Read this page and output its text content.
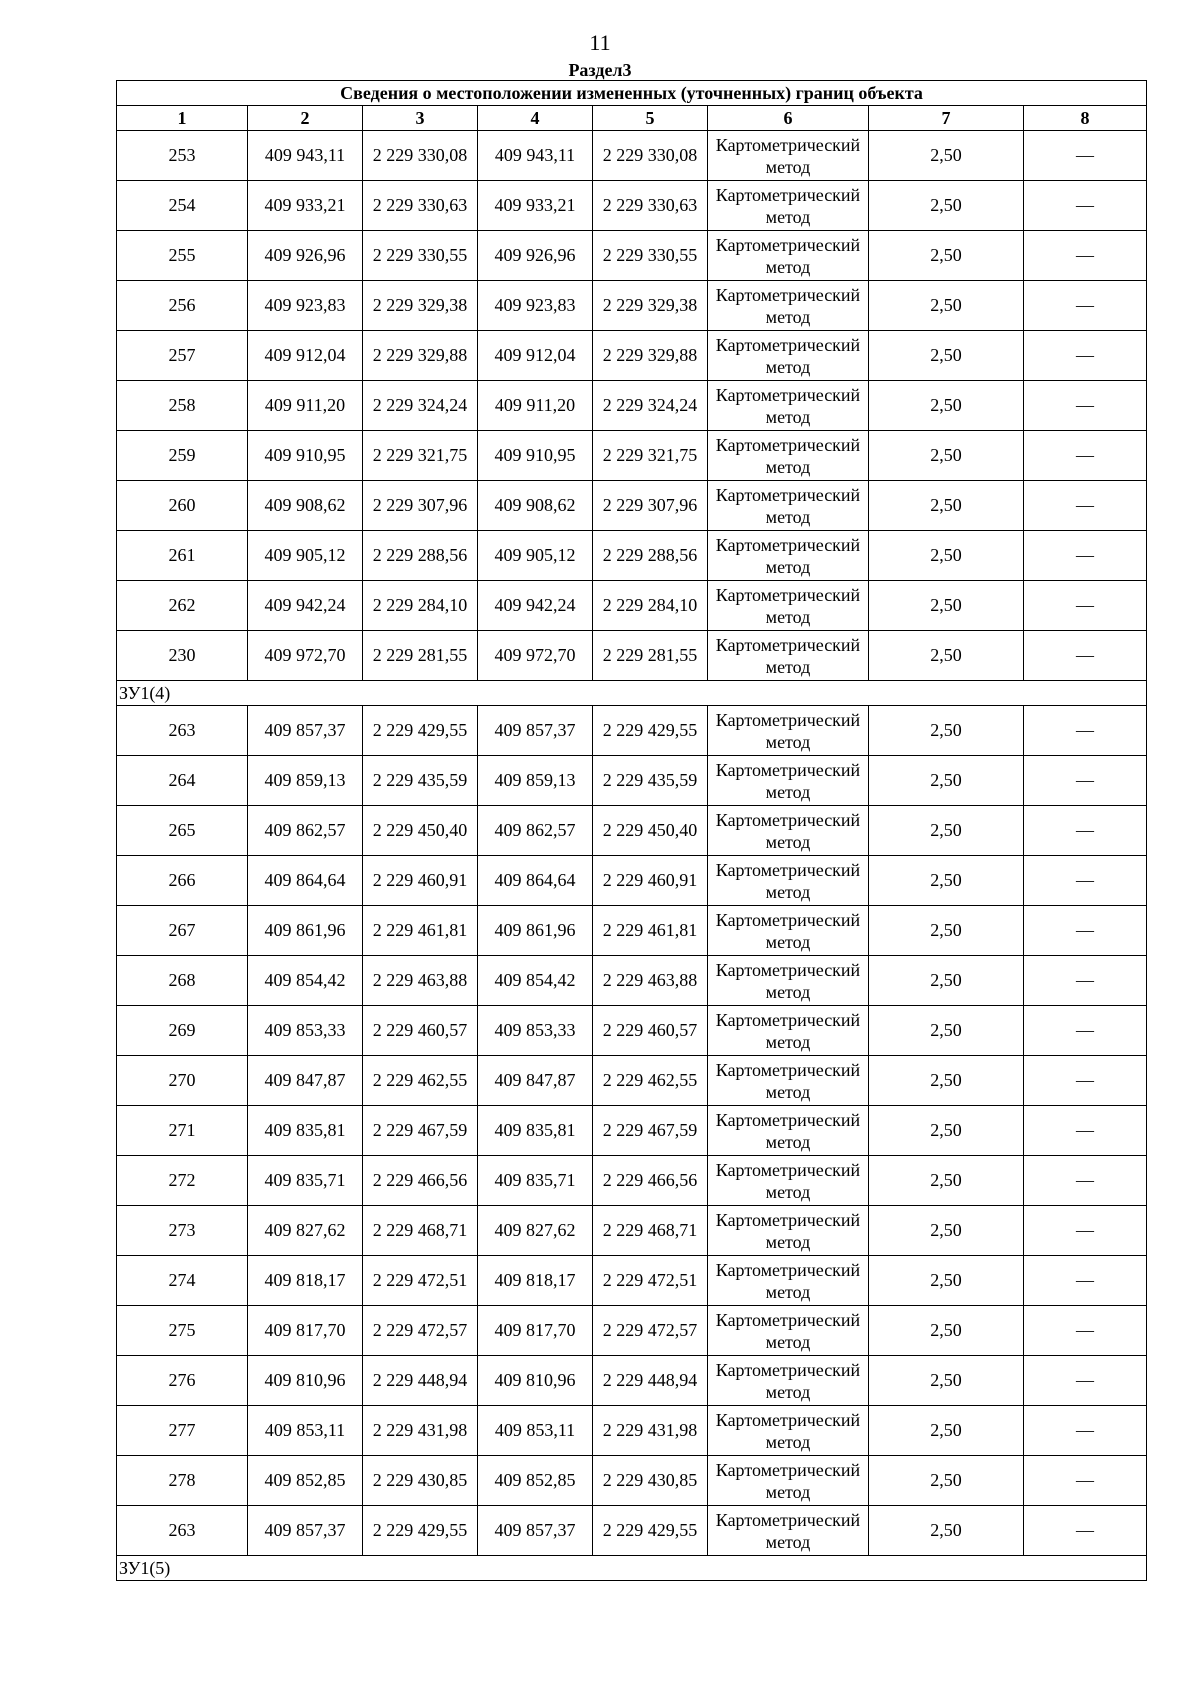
11
Раздел3
Сведения о местоположении измененных (уточненных) границ объекта							
1	2	3	4	5	6	7	8
253	409 943,11	2 229 330,08	409 943,11	2 229 330,08	Картометрический метод	2,50	—
254	409 933,21	2 229 330,63	409 933,21	2 229 330,63	Картометрический метод	2,50	—
255	409 926,96	2 229 330,55	409 926,96	2 229 330,55	Картометрический метод	2,50	—
256	409 923,83	2 229 329,38	409 923,83	2 229 329,38	Картометрический метод	2,50	—
257	409 912,04	2 229 329,88	409 912,04	2 229 329,88	Картометрический метод	2,50	—
258	409 911,20	2 229 324,24	409 911,20	2 229 324,24	Картометрический метод	2,50	—
259	409 910,95	2 229 321,75	409 910,95	2 229 321,75	Картометрический метод	2,50	—
260	409 908,62	2 229 307,96	409 908,62	2 229 307,96	Картометрический метод	2,50	—
261	409 905,12	2 229 288,56	409 905,12	2 229 288,56	Картометрический метод	2,50	—
262	409 942,24	2 229 284,10	409 942,24	2 229 284,10	Картометрический метод	2,50	—
230	409 972,70	2 229 281,55	409 972,70	2 229 281,55	Картометрический метод	2,50	—
ЗУ1(4)							
263	409 857,37	2 229 429,55	409 857,37	2 229 429,55	Картометрический метод	2,50	—
264	409 859,13	2 229 435,59	409 859,13	2 229 435,59	Картометрический метод	2,50	—
265	409 862,57	2 229 450,40	409 862,57	2 229 450,40	Картометрический метод	2,50	—
266	409 864,64	2 229 460,91	409 864,64	2 229 460,91	Картометрический метод	2,50	—
267	409 861,96	2 229 461,81	409 861,96	2 229 461,81	Картометрический метод	2,50	—
268	409 854,42	2 229 463,88	409 854,42	2 229 463,88	Картометрический метод	2,50	—
269	409 853,33	2 229 460,57	409 853,33	2 229 460,57	Картометрический метод	2,50	—
270	409 847,87	2 229 462,55	409 847,87	2 229 462,55	Картометрический метод	2,50	—
271	409 835,81	2 229 467,59	409 835,81	2 229 467,59	Картометрический метод	2,50	—
272	409 835,71	2 229 466,56	409 835,71	2 229 466,56	Картометрический метод	2,50	—
273	409 827,62	2 229 468,71	409 827,62	2 229 468,71	Картометрический метод	2,50	—
274	409 818,17	2 229 472,51	409 818,17	2 229 472,51	Картометрический метод	2,50	—
275	409 817,70	2 229 472,57	409 817,70	2 229 472,57	Картометрический метод	2,50	—
276	409 810,96	2 229 448,94	409 810,96	2 229 448,94	Картометрический метод	2,50	—
277	409 853,11	2 229 431,98	409 853,11	2 229 431,98	Картометрический метод	2,50	—
278	409 852,85	2 229 430,85	409 852,85	2 229 430,85	Картометрический метод	2,50	—
263	409 857,37	2 229 429,55	409 857,37	2 229 429,55	Картометрический метод	2,50	—
ЗУ1(5)							
